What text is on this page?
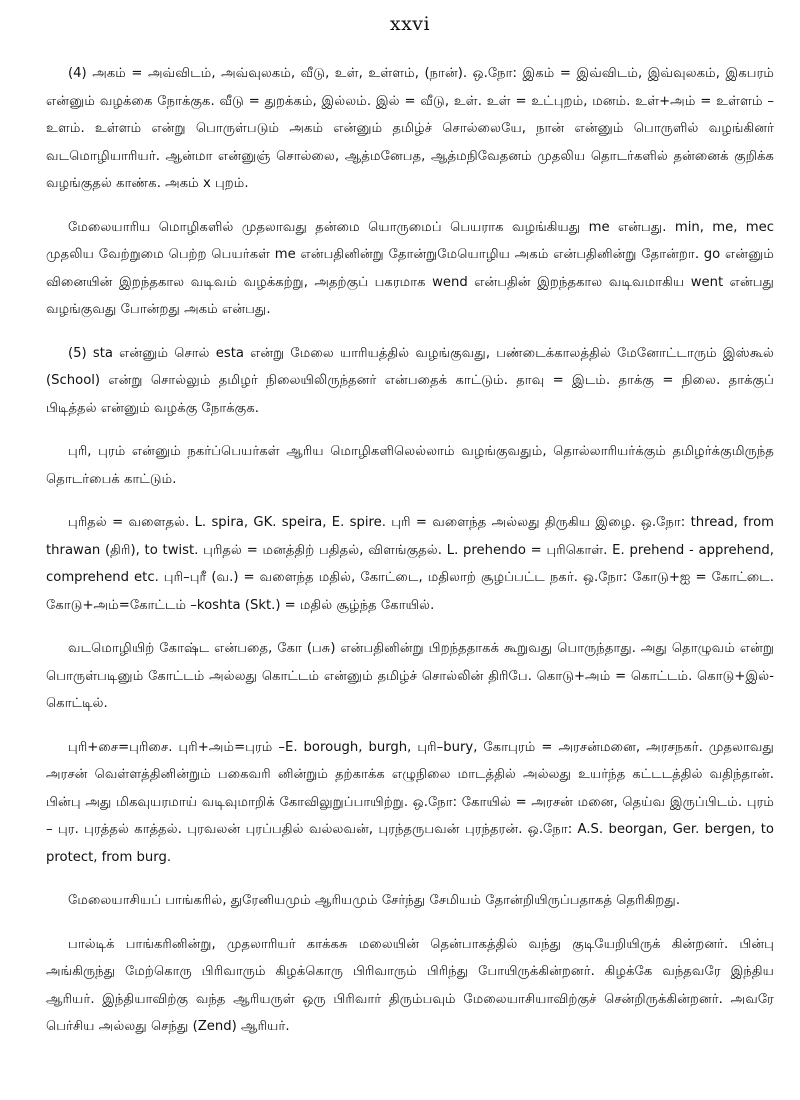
xxvi

(4) அகம் = அவ்விடம், அவ்வுலகம், வீடு, உள், உள்ளம், (நான்). ஒ.நோ: இகம் = இவ்விடம், இவ்வுலகம், இகபரம் என்னும் வழக்கை நோக்குக. வீடு = துறக்கம், இல்லம். இல் = வீடு, உள். உள் = உட்புறம், மனம். உள்+அம் = உள்ளம் – உளம். உள்ளம் என்று பொருள்படும் அகம் என்னும் தமிழ்ச் சொல்லையே, நான் என்னும் பொருளில் வழங்கினர் வடமொழியாரியர். ஆன்மா என்னுஞ் சொல்லை, ஆத்மனேபத, ஆத்மநிவேதனம் முதலிய தொடர்களில் தன்னைக் குறிக்க வழங்குதல் காண்க. அகம் x புறம்.

மேலையாரிய மொழிகளில் முதலாவது தன்மை யொருமைப் பெயராக வழங்கியது me என்பது. min, me, mec முதலிய வேற்றுமை பெற்ற பெயர்கள் me என்பதினின்று தோன்றுமேயொழிய அகம் என்பதினின்று தோன்றா. go என்னும் வினையின் இறந்தகால வடிவம் வழக்கற்று, அதற்குப் பகரமாக wend என்பதின் இறந்தகால வடிவமாகிய went என்பது வழங்குவது போன்றது அகம் என்பது.

(5) sta என்னும் சொல் esta என்று மேலை யாரியத்தில் வழங்குவது, பண்டைக்காலத்தில் மேனோட்டாரும் இஸ்கூல் (School) என்று சொல்லும் தமிழர் நிலையிலிருந்தனர் என்பதைக் காட்டும். தாவு = இடம். தாக்கு = நிலை. தாக்குப் பிடித்தல் என்னும் வழக்கு நோக்குக.

புரி, புரம் என்னும் நகர்ப்பெயர்கள் ஆரிய மொழிகளிலெல்லாம் வழங்குவதும், தொல்லாரியர்க்கும் தமிழர்க்குமிருந்த தொடர்பைக் காட்டும்.

புரிதல் = வளைதல். L. spira, GK. speira, E. spire. புரி = வளைந்த அல்லது திருகிய இழை. ஒ.நோ: thread, from thrawan (திரி), to twist. புரிதல் = மனத்திற் பதிதல், விளங்குதல். L. prehendo = புரிகொள். E. prehend - apprehend, comprehend etc. புரி–புரீ (வ.) = வளைந்த மதில், கோட்டை, மதிலாற் சூழப்பட்ட நகர். ஒ.நோ: கோடு+ஐ = கோட்டை. கோடு+அம்=கோட்டம் –koshta (Skt.) = மதில் சூழ்ந்த கோயில்.

வடமொழியிற் கோஷ்ட என்பதை, கோ (பசு) என்பதினின்று பிறந்ததாகக் கூறுவது பொருந்தாது. அது தொழுவம் என்று பொருள்படினும் கோட்டம் அல்லது கொட்டம் என்னும் தமிழ்ச் சொல்லின் திரிபே. கொடு+அம் = கொட்டம். கொடு+இல்-கொட்டில்.

புரி+சை=புரிசை. புரி+அம்=புரம் –E. borough, burgh, புரி–bury, கோபுரம் = அரசன்மனை, அரசநகர். முதலாவது அரசன் வெள்ளத்தினின்றும் பகைவரி னின்றும் தற்காக்க எழுநிலை மாடத்தில் அல்லது உயர்ந்த கட்டடத்தில் வதிந்தான். பின்பு அது மிகவுயரமாய் வடிவுமாறிக் கோவிலுறுப்பாயிற்று. ஒ.நோ: கோயில் = அரசன் மனை, தெய்வ இருப்பிடம். புரம் – புர. புரத்தல் காத்தல். புரவலன் புரப்பதில் வல்லவன், புரந்தருபவன் புரந்தரன். ஒ.நோ: A.S. beorgan, Ger. bergen, to protect, from burg.

மேலையாசியப் பாங்கரில், துரேனியமும் ஆரியமும் சேர்ந்து சேமியம் தோன்றியிருப்பதாகத் தெரிகிறது.

பால்டிக் பாங்கரினின்று, முதலாரியர் காக்கசு மலையின் தென்பாகத்தில் வந்து குடியேறியிருக் கின்றனர். பின்பு அங்கிருந்து மேற்கொரு பிரிவாரும் கிழக்கொரு பிரிவாரும் பிரிந்து போயிருக்கின்றனர். கிழக்கே வந்தவரே இந்திய ஆரியர். இந்தியாவிற்கு வந்த ஆரியருள் ஒரு பிரிவார் திரும்பவும் மேலையாசியாவிற்குச் சென்றிருக்கின்றனர். அவரே பெர்சிய அல்லது செந்து (Zend) ஆரியர்.
